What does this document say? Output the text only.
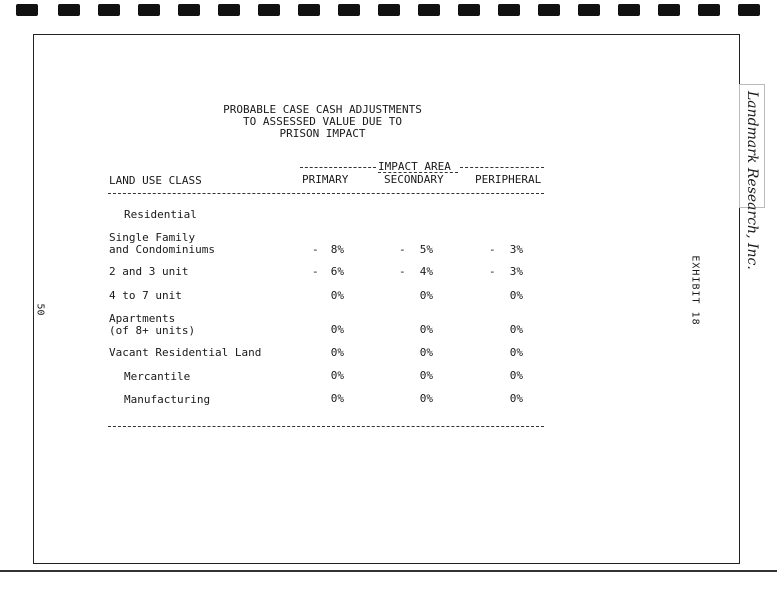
PROBABLE CASE CASH ADJUSTMENTS
TO ASSESSED VALUE DUE TO
PRISON IMPACT
IMPACT AREA
LAND USE CLASS	PRIMARY	SECONDARY	PERIPHERAL
Residential
Single Family
and Condominiums	-	8%	-	5%	-	3%
2 and 3 unit	-	6%	-	4%	-	3%
4 to 7 unit	0%	0%	0%
Apartments
(of 8+ units)	0%	0%	0%
Vacant Residential Land	0%	0%	0%
Mercantile	0%	0%	0%
Manufacturing	0%	0%	0%
50	EXHIBIT 18
Landmark Research, Inc.
